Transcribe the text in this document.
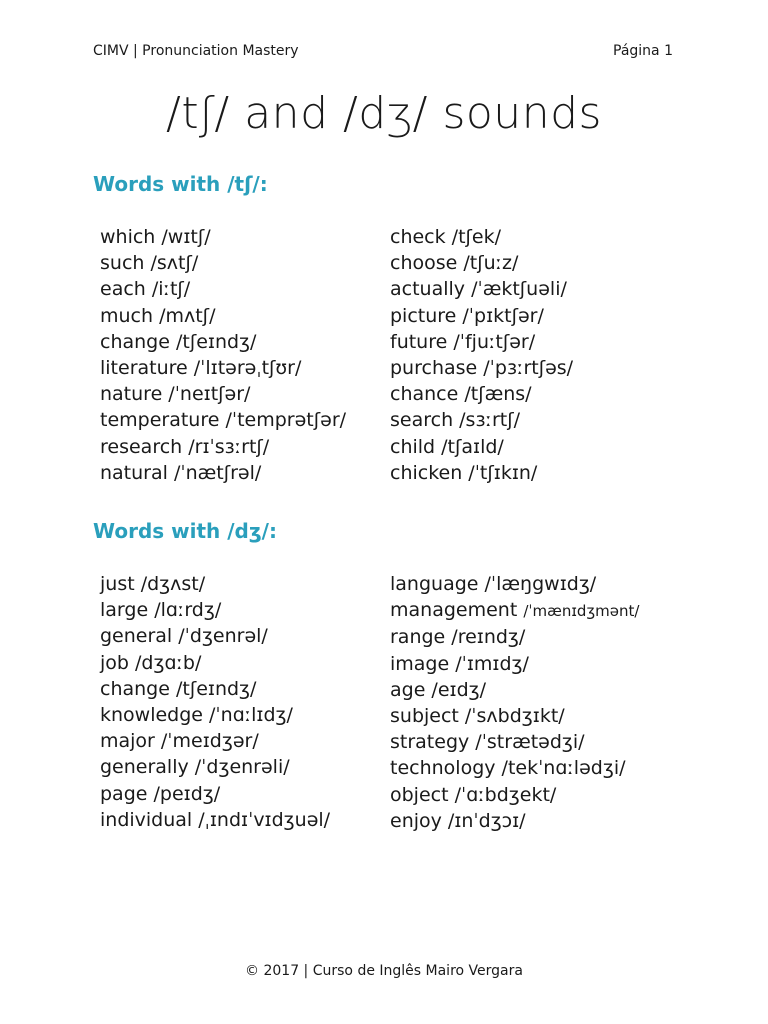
CIMV | Pronunciation Mastery	Página 1
/tʃ/ and /dʒ/ sounds
Words with /tʃ/:
which /wɪtʃ/
such /sʌtʃ/
each /iːtʃ/
much /mʌtʃ/
change /tʃeɪndʒ/
literature /ˈlɪtərəˌtʃʊr/
nature /ˈneɪtʃər/
temperature /ˈtemprətʃər/
research /rɪˈsɜːrtʃ/
natural /ˈnætʃrəl/
check /tʃek/
choose /tʃuːz/
actually /ˈæktʃuəli/
picture /ˈpɪktʃər/
future /ˈfjuːtʃər/
purchase /ˈpɜːrtʃəs/
chance /tʃæns/
search /sɜːrtʃ/
child /tʃaɪld/
chicken /ˈtʃɪkɪn/
Words with /dʒ/:
just /dʒʌst/
large /lɑːrdʒ/
general /ˈdʒenrəl/
job /dʒɑːb/
change /tʃeɪndʒ/
knowledge /ˈnɑːlɪdʒ/
major /ˈmeɪdʒər/
generally /ˈdʒenrəli/
page /peɪdʒ/
individual /ˌɪndɪˈvɪdʒuəl/
language /ˈlæŋgwɪdʒ/
management /ˈmænɪdʒmənt/
range /reɪndʒ/
image /ˈɪmɪdʒ/
age /eɪdʒ/
subject /ˈsʌbdʒɪkt/
strategy /ˈstrætədʒi/
technology /tekˈnɑːlədʒi/
object /ˈɑːbdʒekt/
enjoy /ɪnˈdʒɔɪ/
© 2017 | Curso de Inglês Mairo Vergara
